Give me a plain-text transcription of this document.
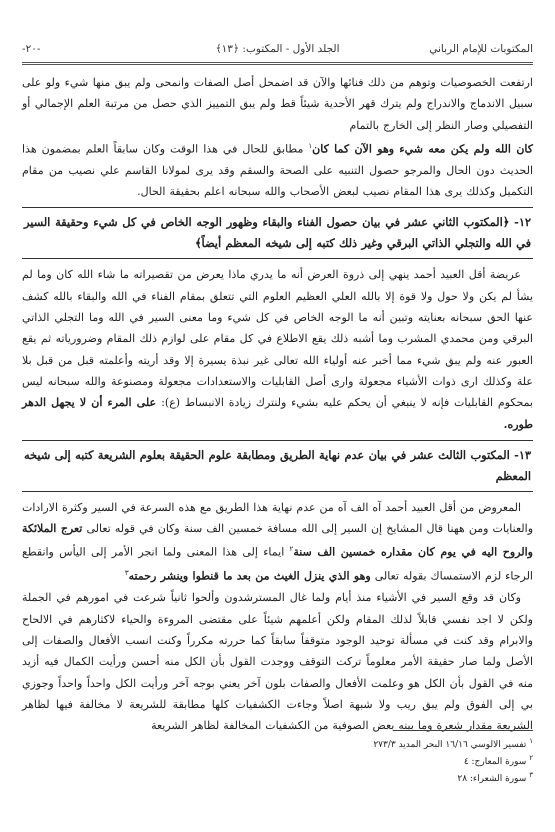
المكتوبات للإمام الرباني
الجلد الأول - المكتوب: ﴿١٣﴾
-٢٠-

ارتفعت الخصوصيات وتوهم من ذلك فنائها والآن قد اضمحل أصل الصفات وانمحى ولم يبق منها شيء ولو على سبيل الاندماج والاندراج ولم يترك قهر الأحدية شيئاً قط ولم يبق التمييز الذي حصل من مرتبة العلم الإجمالي أو التفصيلي وصار النظر إلى الخارج بالتمام

كان الله ولم يكن معه شيء وهو الآن كما كان$^١$ مطابق للحال في هذا الوقت وكان سابقاً العلم بمضمون هذا الحديث دون الحال والمرجو حصول التنبيه على الصحة والسقم وقد يرى لمولانا القاسم علي نصيب من مقام التكميل وكذلك يرى هذا المقام نصيب لبعض الأصحاب والله سبحانه اعلم بحقيقة الحال.

١٢- ﴿المكتوب الثاني عشر في بيان حصول الفناء والبقاء وظهور الوجه الخاص في كل شيء وحقيقة السير في الله والتجلي الذاتي البرقي وغير ذلك كتبه إلى شيخه المعظم أيضاً﴾

عريضة أقل العبيد أحمد ينهي إلى ذروة العرض أنه ما يدري ماذا يعرض من تقصيراته ما شاء الله كان وما لم يشأ لم يكن ولا حول ولا قوة إلا بالله العلي العظيم العلوم التي تتعلق بمقام الفناء في الله والبقاء بالله كشف عنها الحق سبحانه بعنايته وتبين أنه ما الوجه الخاص في كل شيء وما معنى السير في الله وما التجلي الذاتي البرقي ومن محمدي المشرب وما أشبه ذلك يقع الاطلاع في كل مقام على لوازم ذلك المقام وضرورياته ثم يقع العبور عنه ولم يبق شيء مما أخبر عنه أولياء الله تعالى غير نبذة يسيرة إلا وقد أريته وأعلمته قبل من قبل بلا علة وكذلك ارى ذوات الأشياء مجعولة وارى أصل القابليات والاستعدادات مجعولة ومصنوعة والله سبحانه ليس بمحكوم القابليات فإنه لا ينبغي أن يحكم عليه بشيء ولنترك زيادة الانبساط (ع): على المرء أن لا يجهل الدهر طوره.

١٣- المكتوب الثالث عشر في بيان عدم نهاية الطريق ومطابقة علوم الحقيقة بعلوم الشريعة كتبه إلى شيخه المعظم

المعروض من أقل العبيد أحمد آه الف آه من عدم نهاية هذا الطريق مع هذه السرعة في السير وكثرة الارادات والعنايات ومن ههنا قال المشايخ إن السير إلى الله مسافة خمسين الف سنة وكان في قوله تعالى تعرج الملائكة والروح اليه في يوم كان مقداره خمسين الف سنة$^٢$ ايماء إلى هذا المعنى ولما انجر الأمر إلى اليأس وانقطع الرجاء لزم الاستمساك بقوله تعالى وهو الذي ينزل الغيث من بعد ما قنطوا وينشر رحمته$^٣$

وكان قد وقع السير في الأشياء منذ أيام ولما غال المسترشدون وألحوا ثانياً شرعت في امورهم في الجملة ولكن لا اجد نفسي قابلاً لذلك المقام ولكن أعلمهم شيئاً على مقتضى المروءة والحياء لاكثارهم في الالحاح والابرام وقد كنت في مسألة توحيد الوجود متوقفاً سابقاً كما حررته مكرراً وكنت انسب الأفعال والصفات إلى الأصل ولما صار حقيقة الأمر معلوماً تركت التوقف ووجدت القول بأن الكل منه أحسن ورأيت الكمال فيه أزيد منه في القول بأن الكل هو وعلمت الأفعال والصفات بلون آخر يعني بوجه آخر ورأيت الكل واحداً واحداً وجوزي بي إلى الفوق ولم يبق ريب ولا شبهة اصلاً وجاءت الكشفيات كلها مطابقة للشريعة لا مخالفة فيها لظاهر الشريعة مقدار شعرة وما بينه بعض الصوفية من الكشفيات المخالفة لظاهر الشريعة

$^١$ تفسير الالوسي ١٦/١٦ البحر المديد ٢٧٣/٣
$^٢$ سورة المعارج: ٤
$^٣$ سورة الشعراء: ٢٨
